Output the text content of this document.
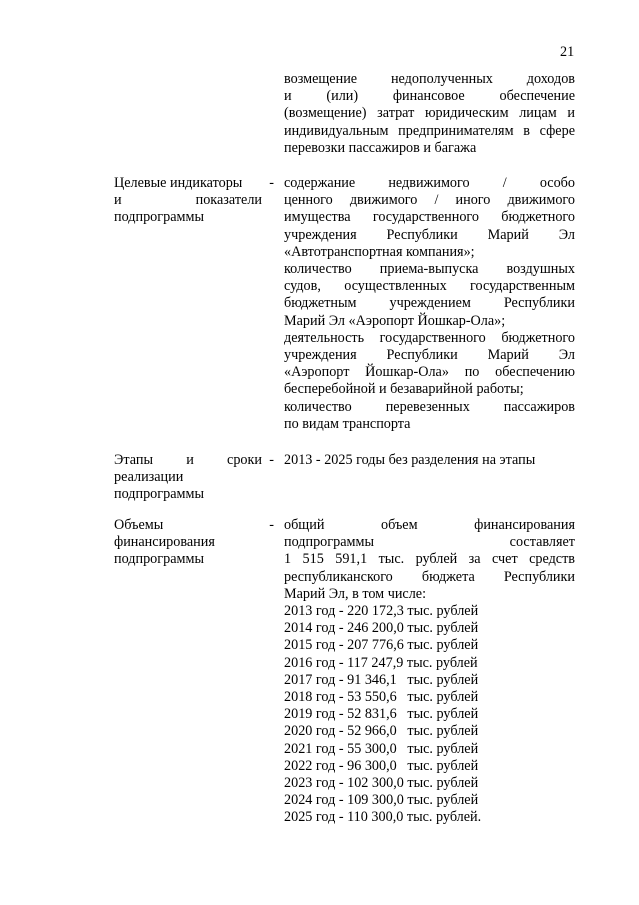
21
возмещение недополученных доходов
и (или) финансовое обеспечение
(возмещение) затрат юридическим лицам и
индивидуальным предпринимателям в сфере
перевозки пассажиров и багажа
Целевые индикаторы
и показатели
подпрограммы
- содержание недвижимого / особо
ценного движимого / иного движимого
имущества государственного бюджетного
учреждения Республики Марий Эл
«Автотранспортная компания»;
количество приема-выпуска воздушных
судов, осуществленных государственным
бюджетным учреждением Республики
Марий Эл «Аэропорт Йошкар-Ола»;
деятельность государственного бюджетного
учреждения Республики Марий Эл
«Аэропорт Йошкар-Ола» по обеспечению
бесперебойной и безаварийной работы;
количество перевезенных пассажиров
по видам транспорта
Этапы и сроки
реализации
подпрограммы
- 2013 - 2025 годы без разделения на этапы
Объемы
финансирования
подпрограммы
- общий объем финансирования
подпрограммы составляет
1 515 591,1 тыс. рублей за счет средств
республиканского бюджета Республики
Марий Эл, в том числе:
2013 год - 220 172,3 тыс. рублей
2014 год - 246 200,0 тыс. рублей
2015 год - 207 776,6 тыс. рублей
2016 год - 117 247,9 тыс. рублей
2017 год - 91 346,1   тыс. рублей
2018 год - 53 550,6   тыс. рублей
2019 год - 52 831,6   тыс. рублей
2020 год - 52 966,0   тыс. рублей
2021 год - 55 300,0   тыс. рублей
2022 год - 96 300,0   тыс. рублей
2023 год - 102 300,0 тыс. рублей
2024 год - 109 300,0 тыс. рублей
2025 год - 110 300,0 тыс. рублей.
